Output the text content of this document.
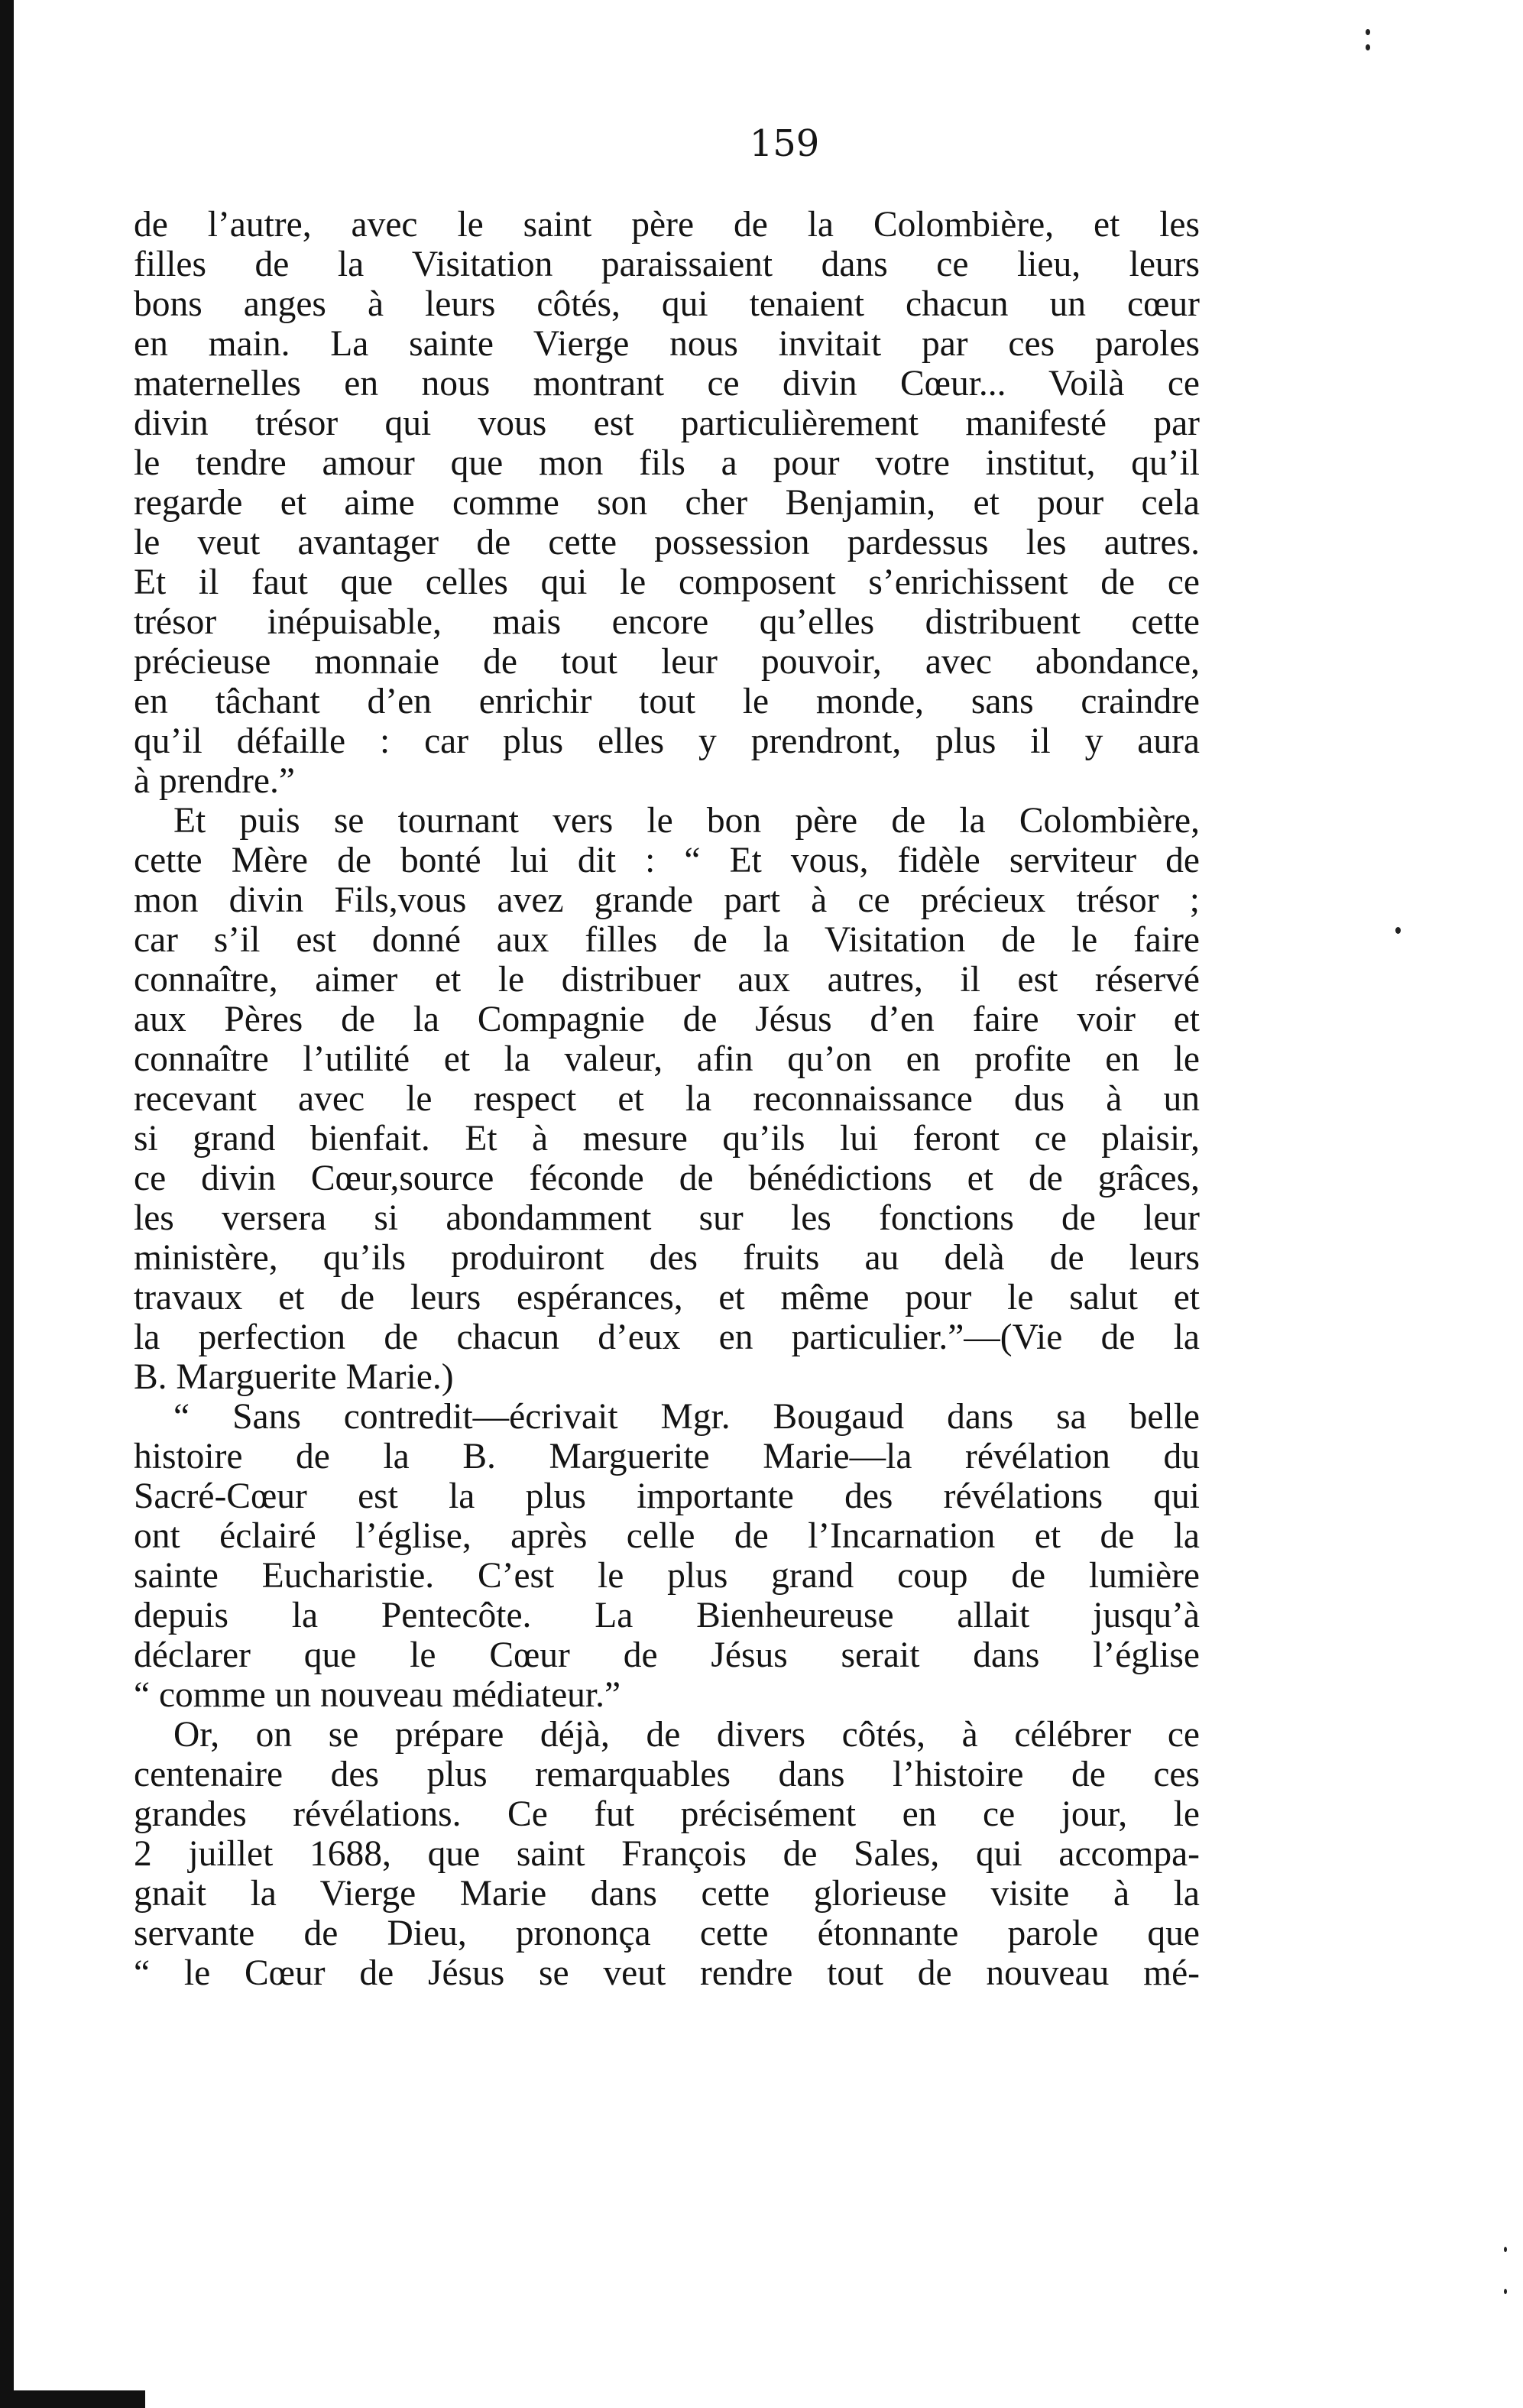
159
de l’autre, avec le saint père de la Colombière, et les
filles de la Visitation paraissaient dans ce lieu, leurs
bons anges à leurs côtés, qui tenaient chacun un cœur
en main. La sainte Vierge nous invitait par ces paroles
maternelles en nous montrant ce divin Cœur... Voilà ce
divin trésor qui vous est particulièrement manifesté par
le tendre amour que mon fils a pour votre institut, qu’il
regarde et aime comme son cher Benjamin, et pour cela
le veut avantager de cette possession pardessus les autres.
Et il faut que celles qui le composent s’enrichissent de ce
trésor inépuisable, mais encore qu’elles distribuent cette
précieuse monnaie de tout leur pouvoir, avec abondance,
en tâchant d’en enrichir tout le monde, sans craindre
qu’il défaille : car plus elles y prendront, plus il y aura
à prendre.”
Et puis se tournant vers le bon père de la Colombière,
cette Mère de bonté lui dit : “ Et vous, fidèle serviteur de
mon divin Fils,vous avez grande part à ce précieux trésor ;
car s’il est donné aux filles de la Visitation de le faire
connaître, aimer et le distribuer aux autres, il est réservé
aux Pères de la Compagnie de Jésus d’en faire voir et
connaître l’utilité et la valeur, afin qu’on en profite en le
recevant avec le respect et la reconnaissance dus à un
si grand bienfait. Et à mesure qu’ils lui feront ce plaisir,
ce divin Cœur,source féconde de bénédictions et de grâces,
les versera si abondamment sur les fonctions de leur
ministère, qu’ils produiront des fruits au delà de leurs
travaux et de leurs espérances, et même pour le salut et
la perfection de chacun d’eux en particulier.”—(Vie de la
B. Marguerite Marie.)
“ Sans contredit—écrivait Mgr. Bougaud dans sa belle
histoire de la B. Marguerite Marie—la révélation du
Sacré-Cœur est la plus importante des révélations qui
ont éclairé l’église, après celle de l’Incarnation et de la
sainte Eucharistie. C’est le plus grand coup de lumière
depuis la Pentecôte. La Bienheureuse allait jusqu’à
déclarer que le Cœur de Jésus serait dans l’église
“ comme un nouveau médiateur.”
Or, on se prépare déjà, de divers côtés, à célébrer ce
centenaire des plus remarquables dans l’histoire de ces
grandes révélations. Ce fut précisément en ce jour, le
2 juillet 1688, que saint François de Sales, qui accompa-
gnait la Vierge Marie dans cette glorieuse visite à la
servante de Dieu, prononça cette étonnante parole que
“ le Cœur de Jésus se veut rendre tout de nouveau mé-
